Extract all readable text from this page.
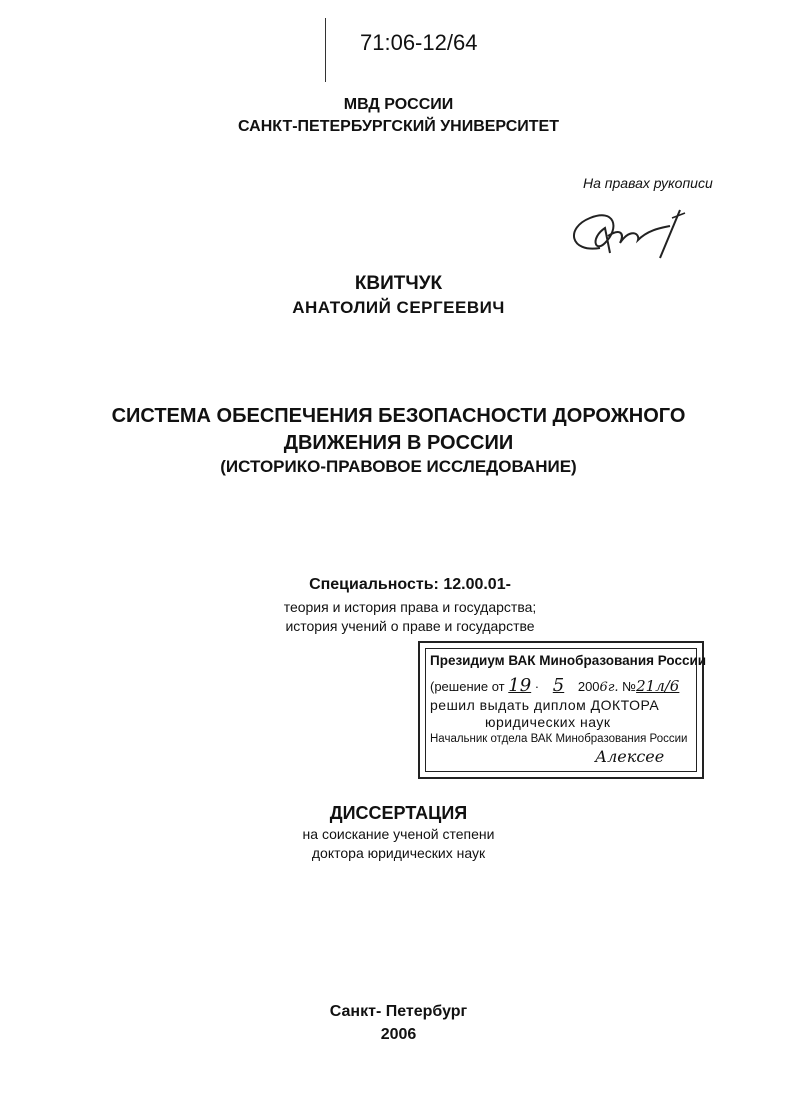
71:06-12/64
МВД РОССИИ
САНКТ-ПЕТЕРБУРГСКИЙ УНИВЕРСИТЕТ
На правах рукописи
КВИТЧУК
АНАТОЛИЙ СЕРГЕЕВИЧ
СИСТЕМА ОБЕСПЕЧЕНИЯ БЕЗОПАСНОСТИ ДОРОЖНОГО
ДВИЖЕНИЯ В РОССИИ
(ИСТОРИКО-ПРАВОВОЕ ИССЛЕДОВАНИЕ)
Специальность: 12.00.01-
теория и история права и государства;
история учений о праве и государстве
Президиум ВАК Минобразования России
(решение от 19 · 5 2006г. №21л/6
решил выдать диплом ДОКТОРА
юридических наук
Начальник отдела ВАК Минобразования России
Алексее
ДИССЕРТАЦИЯ
на соискание ученой степени
доктора юридических наук
Санкт- Петербург
2006
